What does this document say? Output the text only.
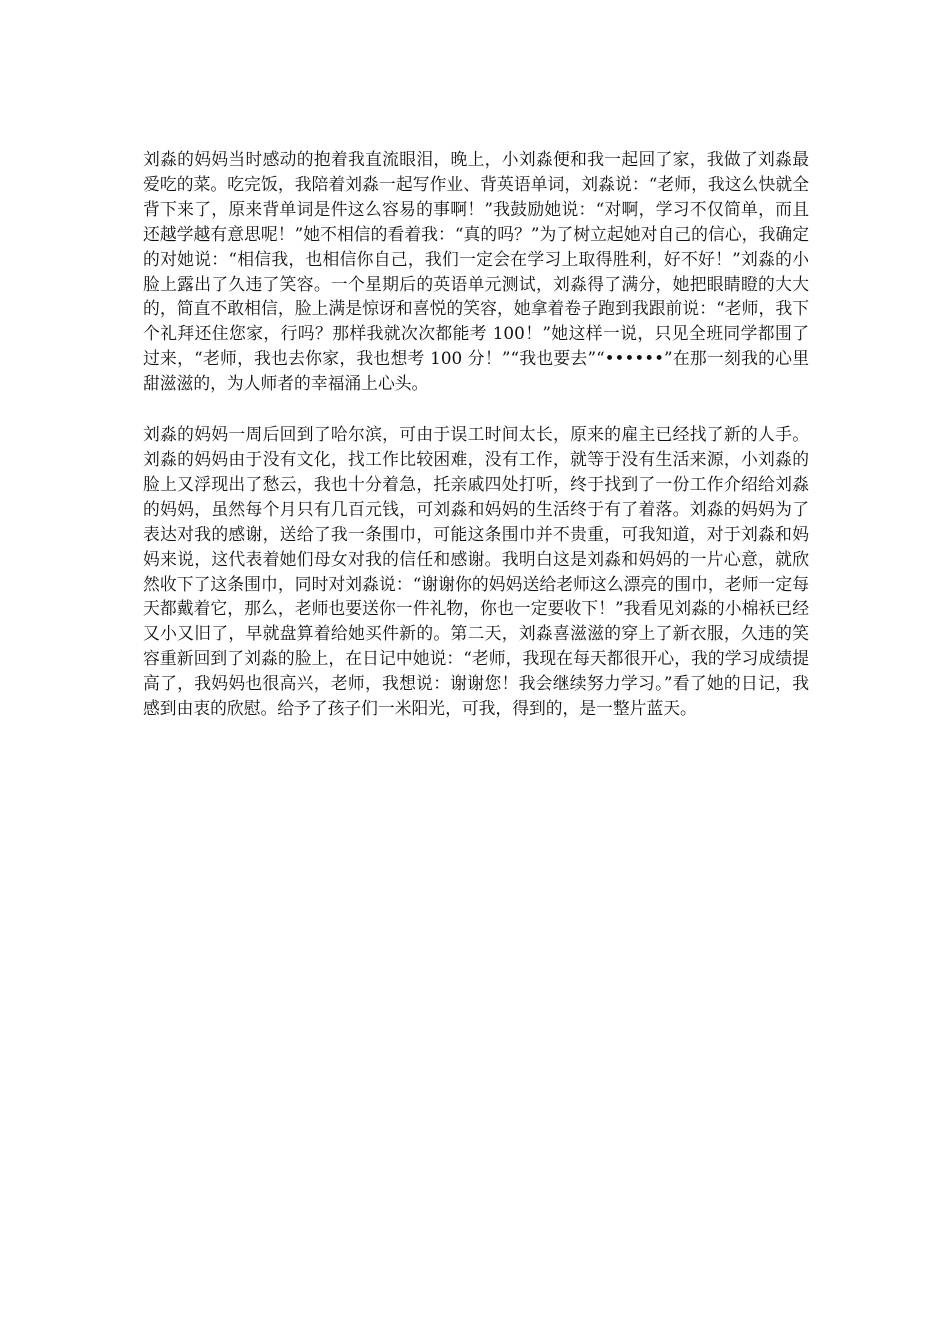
刘淼的妈妈当时感动的抱着我直流眼泪，晚上，小刘淼便和我一起回了家，我做了刘淼最爱吃的菜。吃完饭，我陪着刘淼一起写作业、背英语单词，刘淼说：“老师，我这么快就全背下来了，原来背单词是件这么容易的事啊！”我鼓励她说：“对啊，学习不仅简单，而且还越学越有意思呢！”她不相信的看着我：“真的吗？”为了树立起她对自己的信心，我确定的对她说：“相信我，也相信你自己，我们一定会在学习上取得胜利，好不好！”刘淼的小脸上露出了久违了笑容。一个星期后的英语单元测试，刘淼得了满分，她把眼睛瞪的大大的，简直不敢相信，脸上满是惊讶和喜悦的笑容，她拿着卷子跑到我跟前说：“老师，我下个礼拜还住您家，行吗？那样我就次次都能考 100！”她这样一说，只见全班同学都围了过来，“老师，我也去你家，我也想考 100 分！”“我也要去”“••••••”在那一刻我的心里甜滋滋的，为人师者的幸福涌上心头。

刘淼的妈妈一周后回到了哈尔滨，可由于误工时间太长，原来的雇主已经找了新的人手。刘淼的妈妈由于没有文化，找工作比较困难，没有工作，就等于没有生活来源，小刘淼的脸上又浮现出了愁云，我也十分着急，托亲戚四处打听，终于找到了一份工作介绍给刘淼的妈妈，虽然每个月只有几百元钱，可刘淼和妈妈的生活终于有了着落。刘淼的妈妈为了表达对我的感谢，送给了我一条围巾，可能这条围巾并不贵重，可我知道，对于刘淼和妈妈来说，这代表着她们母女对我的信任和感谢。我明白这是刘淼和妈妈的一片心意，就欣然收下了这条围巾，同时对刘淼说：“谢谢你的妈妈送给老师这么漂亮的围巾，老师一定每天都戴着它，那么，老师也要送你一件礼物，你也一定要收下！”我看见刘淼的小棉袄已经又小又旧了，早就盘算着给她买件新的。第二天，刘淼喜滋滋的穿上了新衣服，久违的笑容重新回到了刘淼的脸上，在日记中她说：“老师，我现在每天都很开心，我的学习成绩提高了，我妈妈也很高兴，老师，我想说：谢谢您！我会继续努力学习。”看了她的日记，我感到由衷的欣慰。给予了孩子们一米阳光，可我，得到的，是一整片蓝天。
